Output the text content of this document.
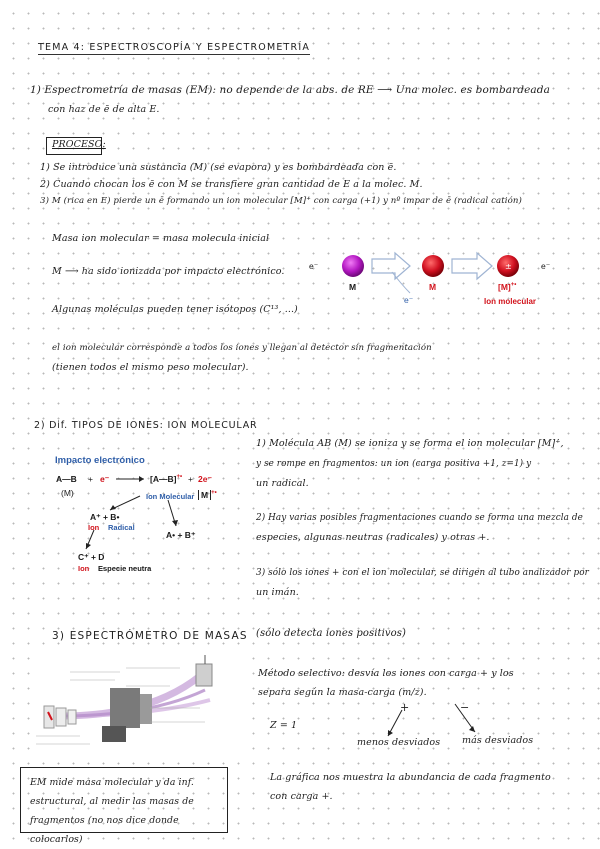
TEMA 4: ESPECTROSCOPÍA Y ESPECTROMETRÍA
1) Espectrometría de masas (EM): no depende de la abs. de RE ⟶ Una molec. es bombardeada
con haz de ē de alta E.
PROCESO:
1) Se introduce una sustancia (M) (se evapora) y es bombardeada con ē.
2) Cuando chocan los ē con M se transfiere gran cantidad de E a la molec. M.
3) M (rica en E) pierde un ē formando un ion molecular [M]⁺̇ con carga (+1) y nº impar de ē (radical catión)
Masa ion molecular = masa molecula inicial
M ⟶ ha sido ionizada por impacto electrónico.
Algunas moléculas pueden tener isótopos (C¹³, ...)
el ion molecular corresponde a todos los iones y llegan al detector sin fragmentación
(tienen todos el mismo peso molecular).
±
e⁻	e⁻
e⁻
M	M	[M]+•
Ion molecular
2) Dif. TIPOS DE IONES: ION MOLECULAR
Impacto electrónico
A—B + e⁻
(M)
[A—B]+• + 2e⁻
Ion Molecular M +•
A⁺ + B•
Ion Radical
A• + B⁺
C⁺ + D
Ion Especie neutra
1) Molécula AB (M) se ioniza y se forma el ion molecular [M]⁺̇,
y se rompe en fragmentos: un ion (carga positiva +1, z=1) y
un radical.
2) Hay varias posibles fragmentaciones cuando se forma una mezcla de
especies, algunas neutras (radicales) y otras +.
3) sólo los iones + con el ion molecular, se dirigen al tubo analizador por
un imán.
3) ESPECTRÓMETRO DE MASAS (sólo detecta iones positivos)
Método selectivo: desvía los iones con carga + y los
separa según la masa-carga (m/z).
Z = 1
+	−
menos desviados más desviados
EM mide masa molecular y da inf. estructural, al medir las masas de fragmentos (no nos dice donde colocarlos)
La gráfica nos muestra la abundancia de cada fragmento
con carga +.
